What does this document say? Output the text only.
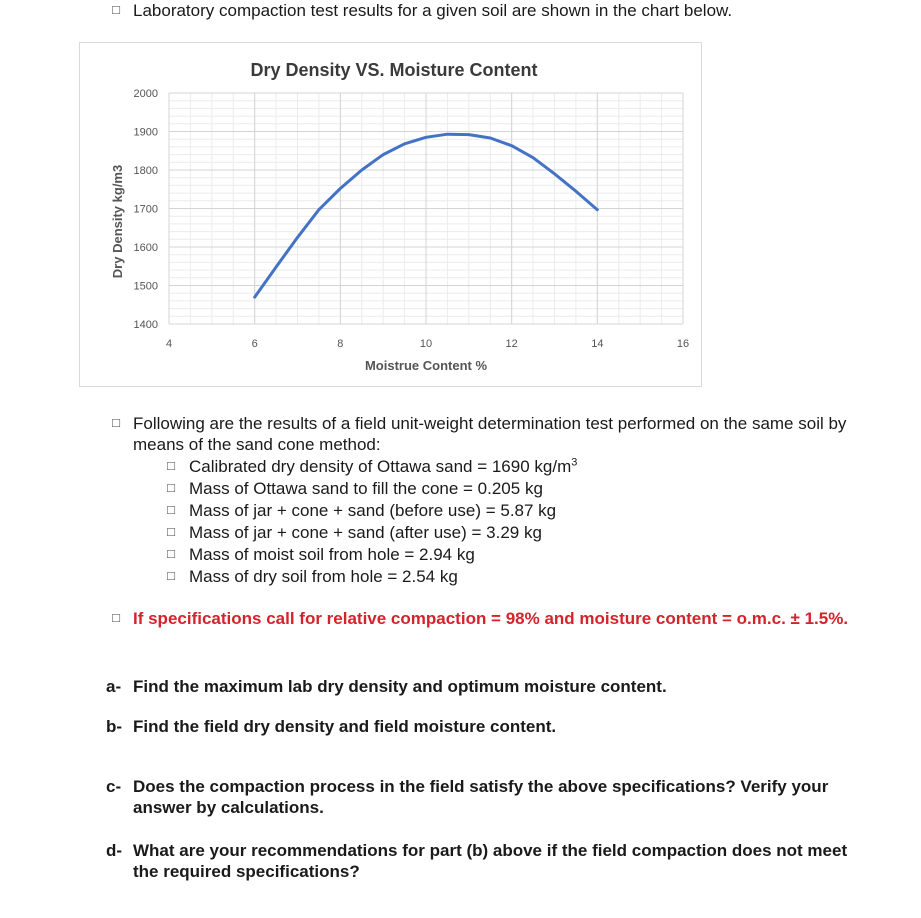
□ Laboratory compaction test results for a given soil are shown in the chart below.
Dry Density VS. Moisture Content
2000
1900
1800
1700
1600
1500
1400
4	6	8	10	12	14	16
Moistrue Content %
Dry Density kg/m3
□ Following are the results of a field unit-weight determination test performed on the same soil by means of the sand cone method:
□ Calibrated dry density of Ottawa sand = 1690 $kg/m^3$
□ Mass of Ottawa sand to fill the cone = 0.205 kg
□ Mass of jar + cone + sand (before use) = 5.87 kg
□ Mass of jar + cone + sand (after use) = 3.29 kg
□ Mass of moist soil from hole = 2.94 kg
□ Mass of dry soil from hole = 2.54 kg
□ If specifications call for relative compaction = 98% and moisture content = o.m.c. ± 1.5%.
a- Find the maximum lab dry density and optimum moisture content.
b- Find the field dry density and field moisture content.
c- Does the compaction process in the field satisfy the above specifications? Verify your answer by calculations.
d- What are your recommendations for part (b) above if the field compaction does not meet the required specifications?
